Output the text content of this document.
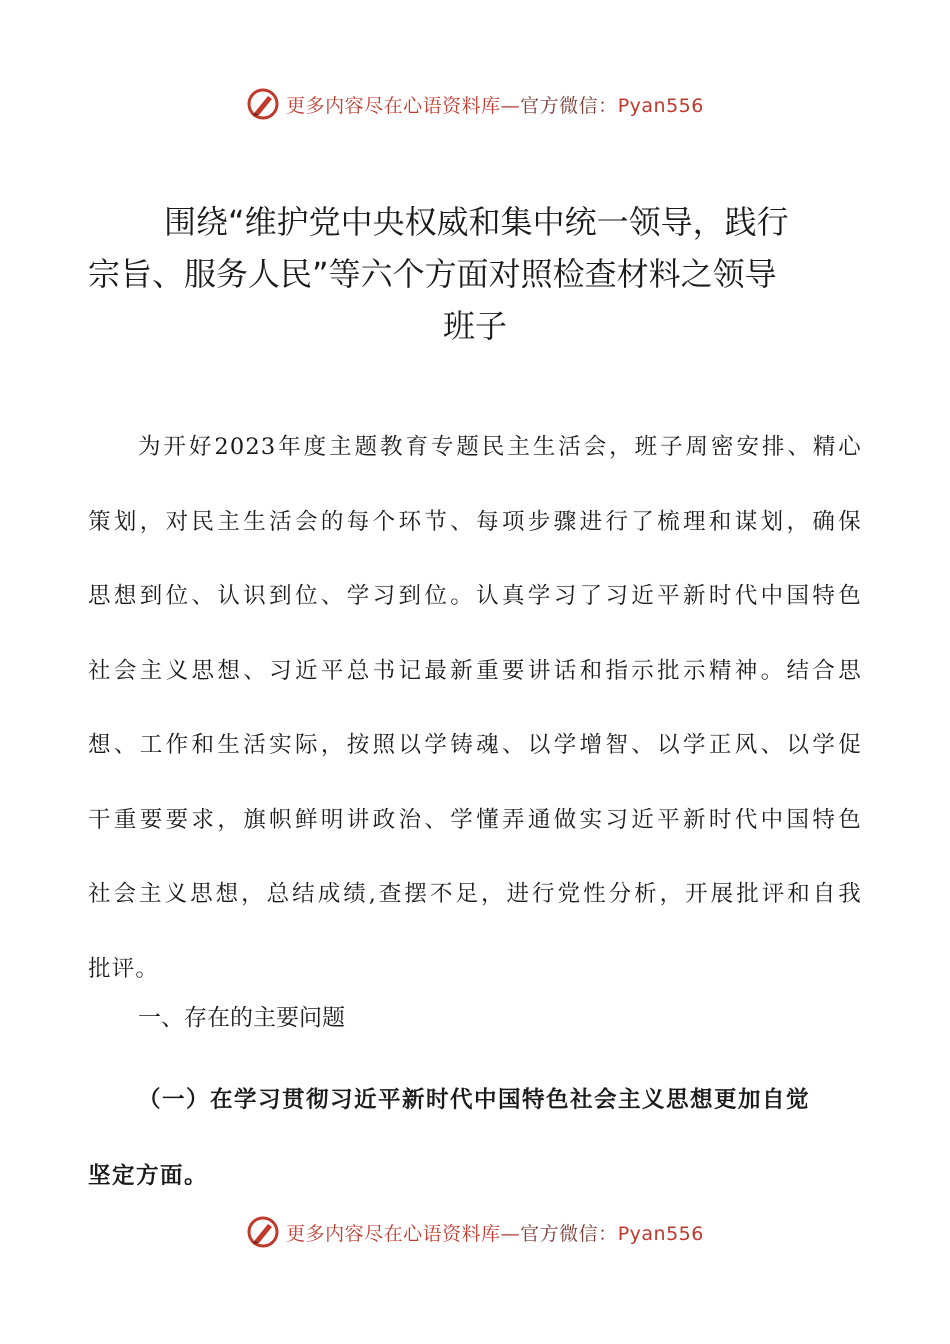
更多内容尽在心语资料库—官方微信：Pyan556
围绕“维护党中央权威和集中统一领导，践行
宗旨、服务人民”等六个方面对照检查材料之领导
班子
为开好2023年度主题教育专题民主生活会，班子周密安排、精心
策划，对民主生活会的每个环节、每项步骤进行了梳理和谋划，确保
思想到位、认识到位、学习到位。认真学习了习近平新时代中国特色
社会主义思想、习近平总书记最新重要讲话和指示批示精神。结合思
想、工作和生活实际，按照以学铸魂、以学增智、以学正风、以学促
干重要要求，旗帜鲜明讲政治、学懂弄通做实习近平新时代中国特色
社会主义思想，总结成绩,查摆不足，进行党性分析，开展批评和自我
批评。
一、存在的主要问题
（一）在学习贯彻习近平新时代中国特色社会主义思想更加自觉
坚定方面。
更多内容尽在心语资料库—官方微信：Pyan556
